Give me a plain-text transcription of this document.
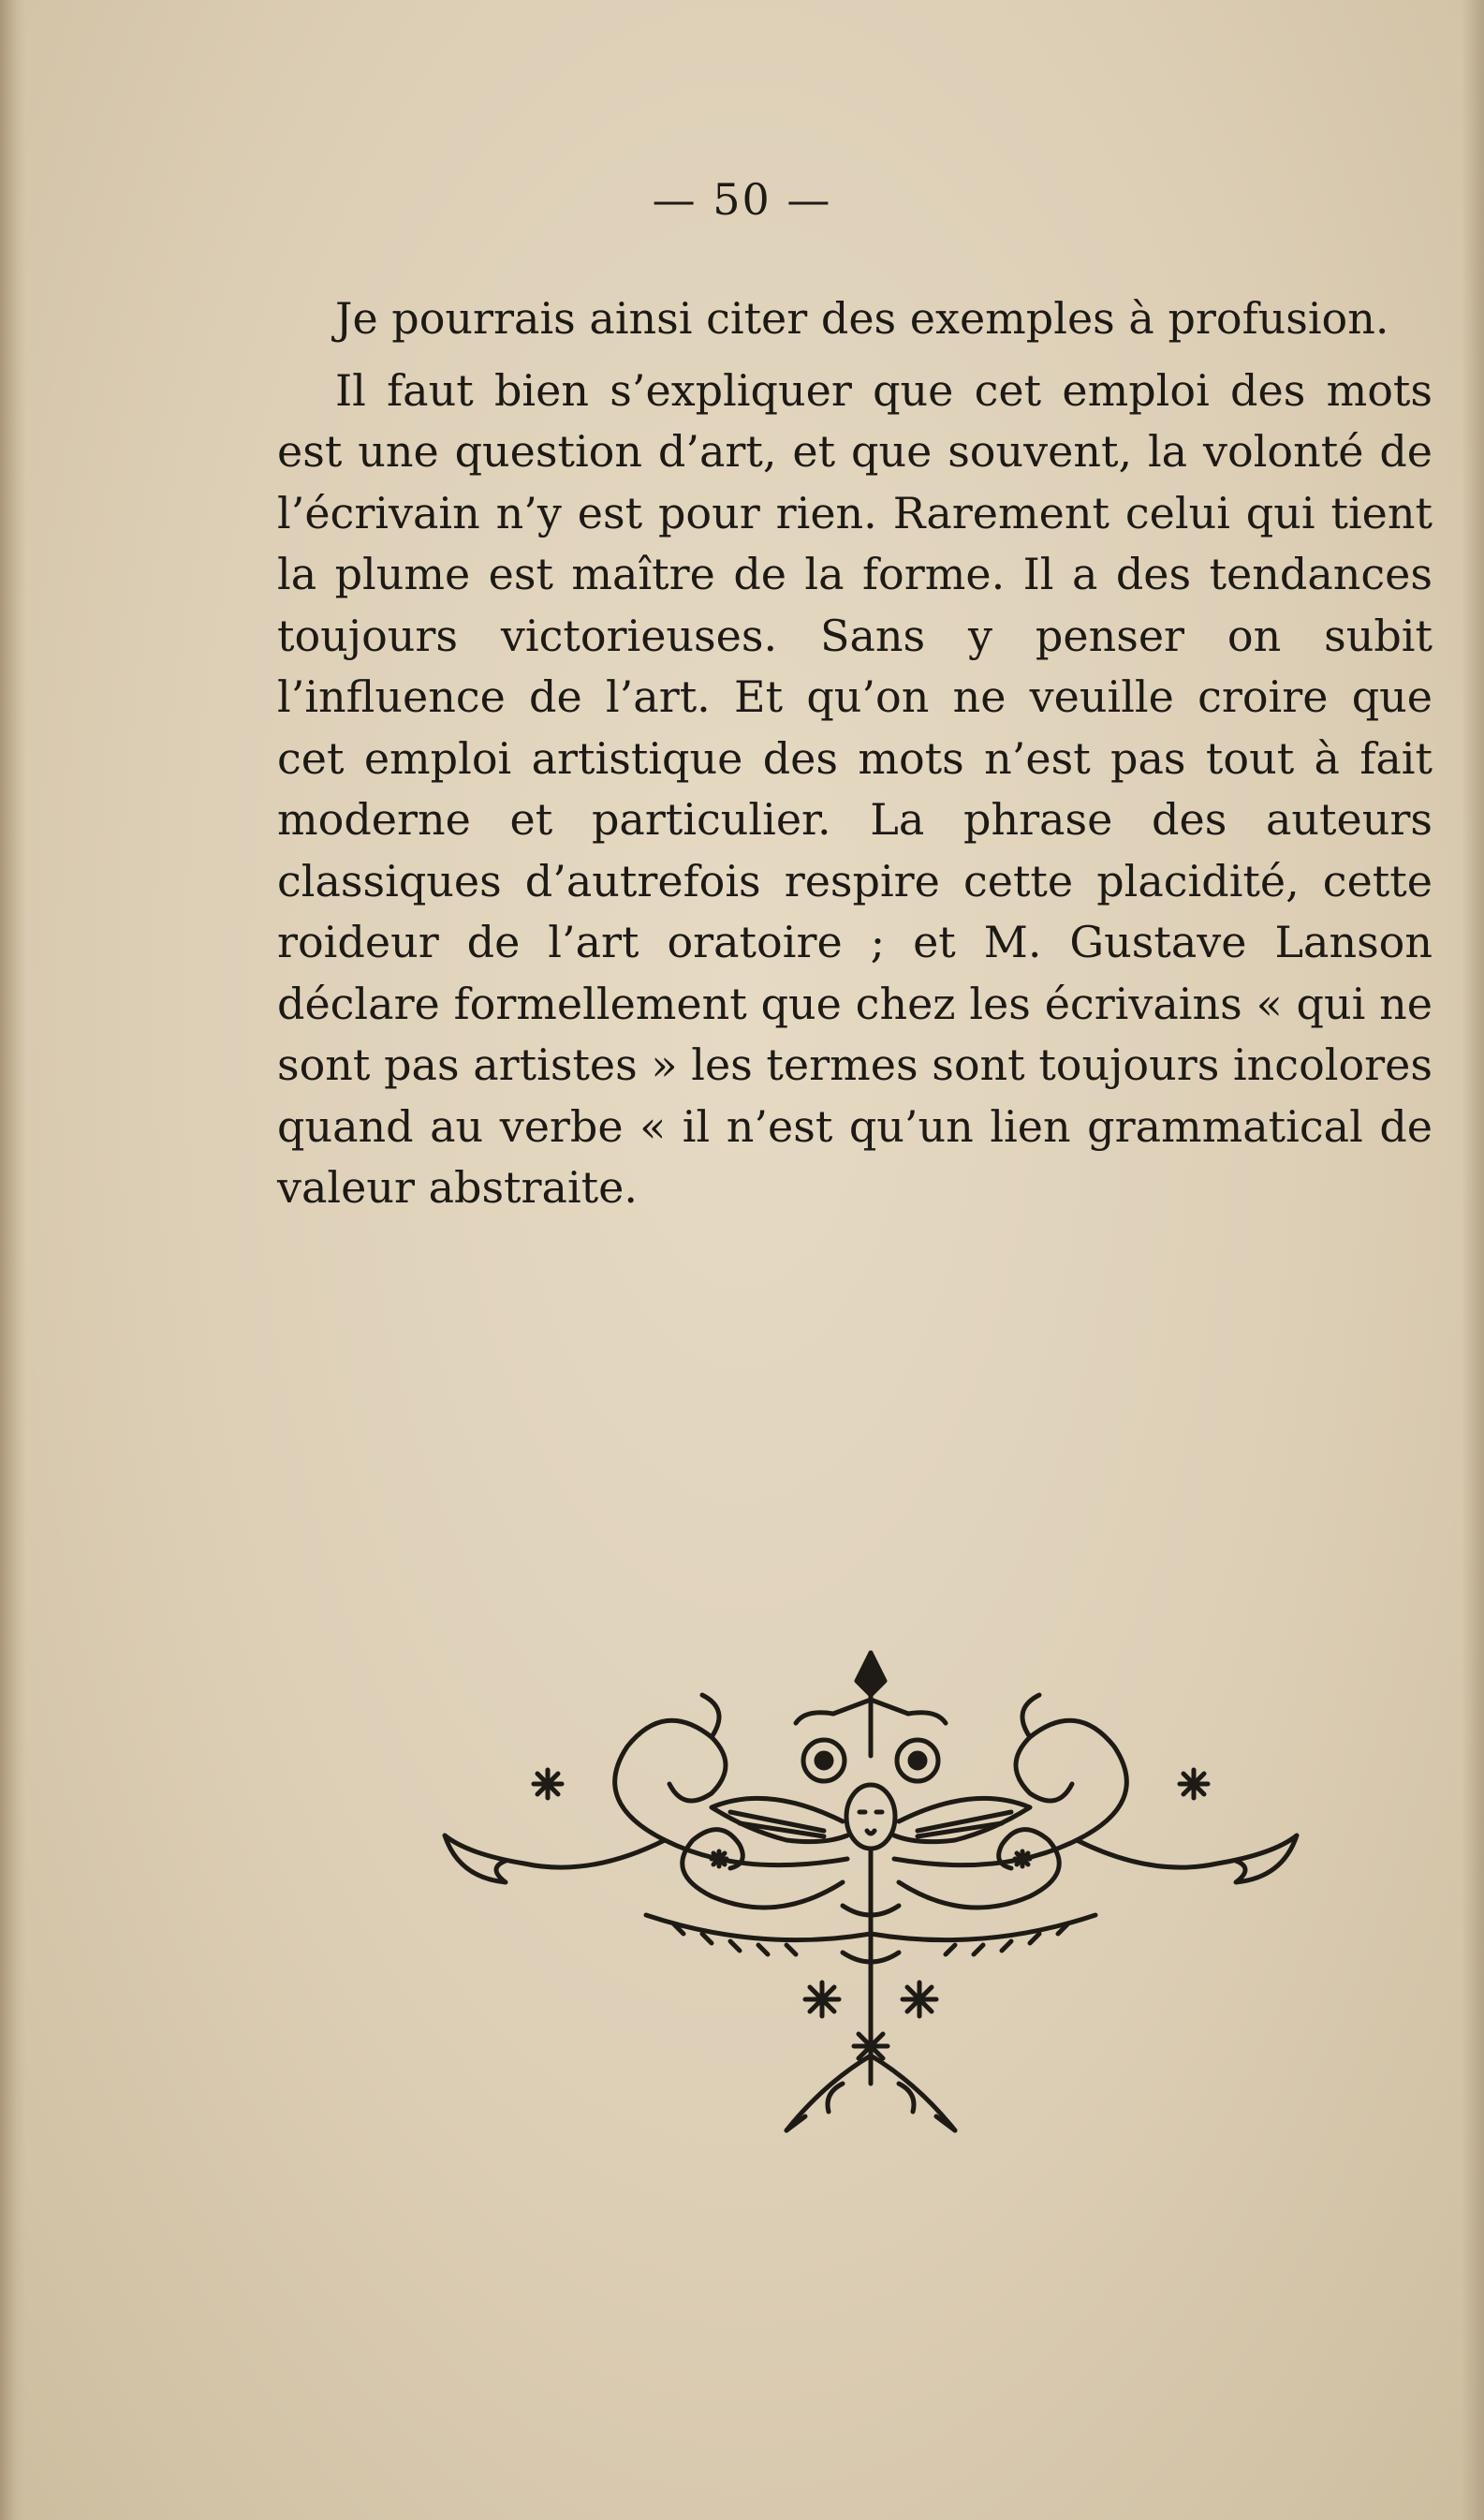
— 50 —

Je pourrais ainsi citer des exemples à profusion.

Il faut bien s’expliquer que cet emploi des mots est une question d’art, et que souvent, la volonté de l’écrivain n’y est pour rien. Rarement celui qui tient la plume est maître de la forme. Il a des tendances toujours victorieuses. Sans y penser on subit l’influence de l’art. Et qu’on ne veuille croire que cet emploi artistique des mots n’est pas tout à fait moderne et particulier. La phrase des auteurs classiques d’autrefois respire cette placidité, cette roideur de l’art oratoire ; et M. Gustave Lanson déclare formellement que chez les écrivains « qui ne sont pas artistes » les termes sont toujours incolores quand au verbe « il n’est qu’un lien grammatical de valeur abstraite.
